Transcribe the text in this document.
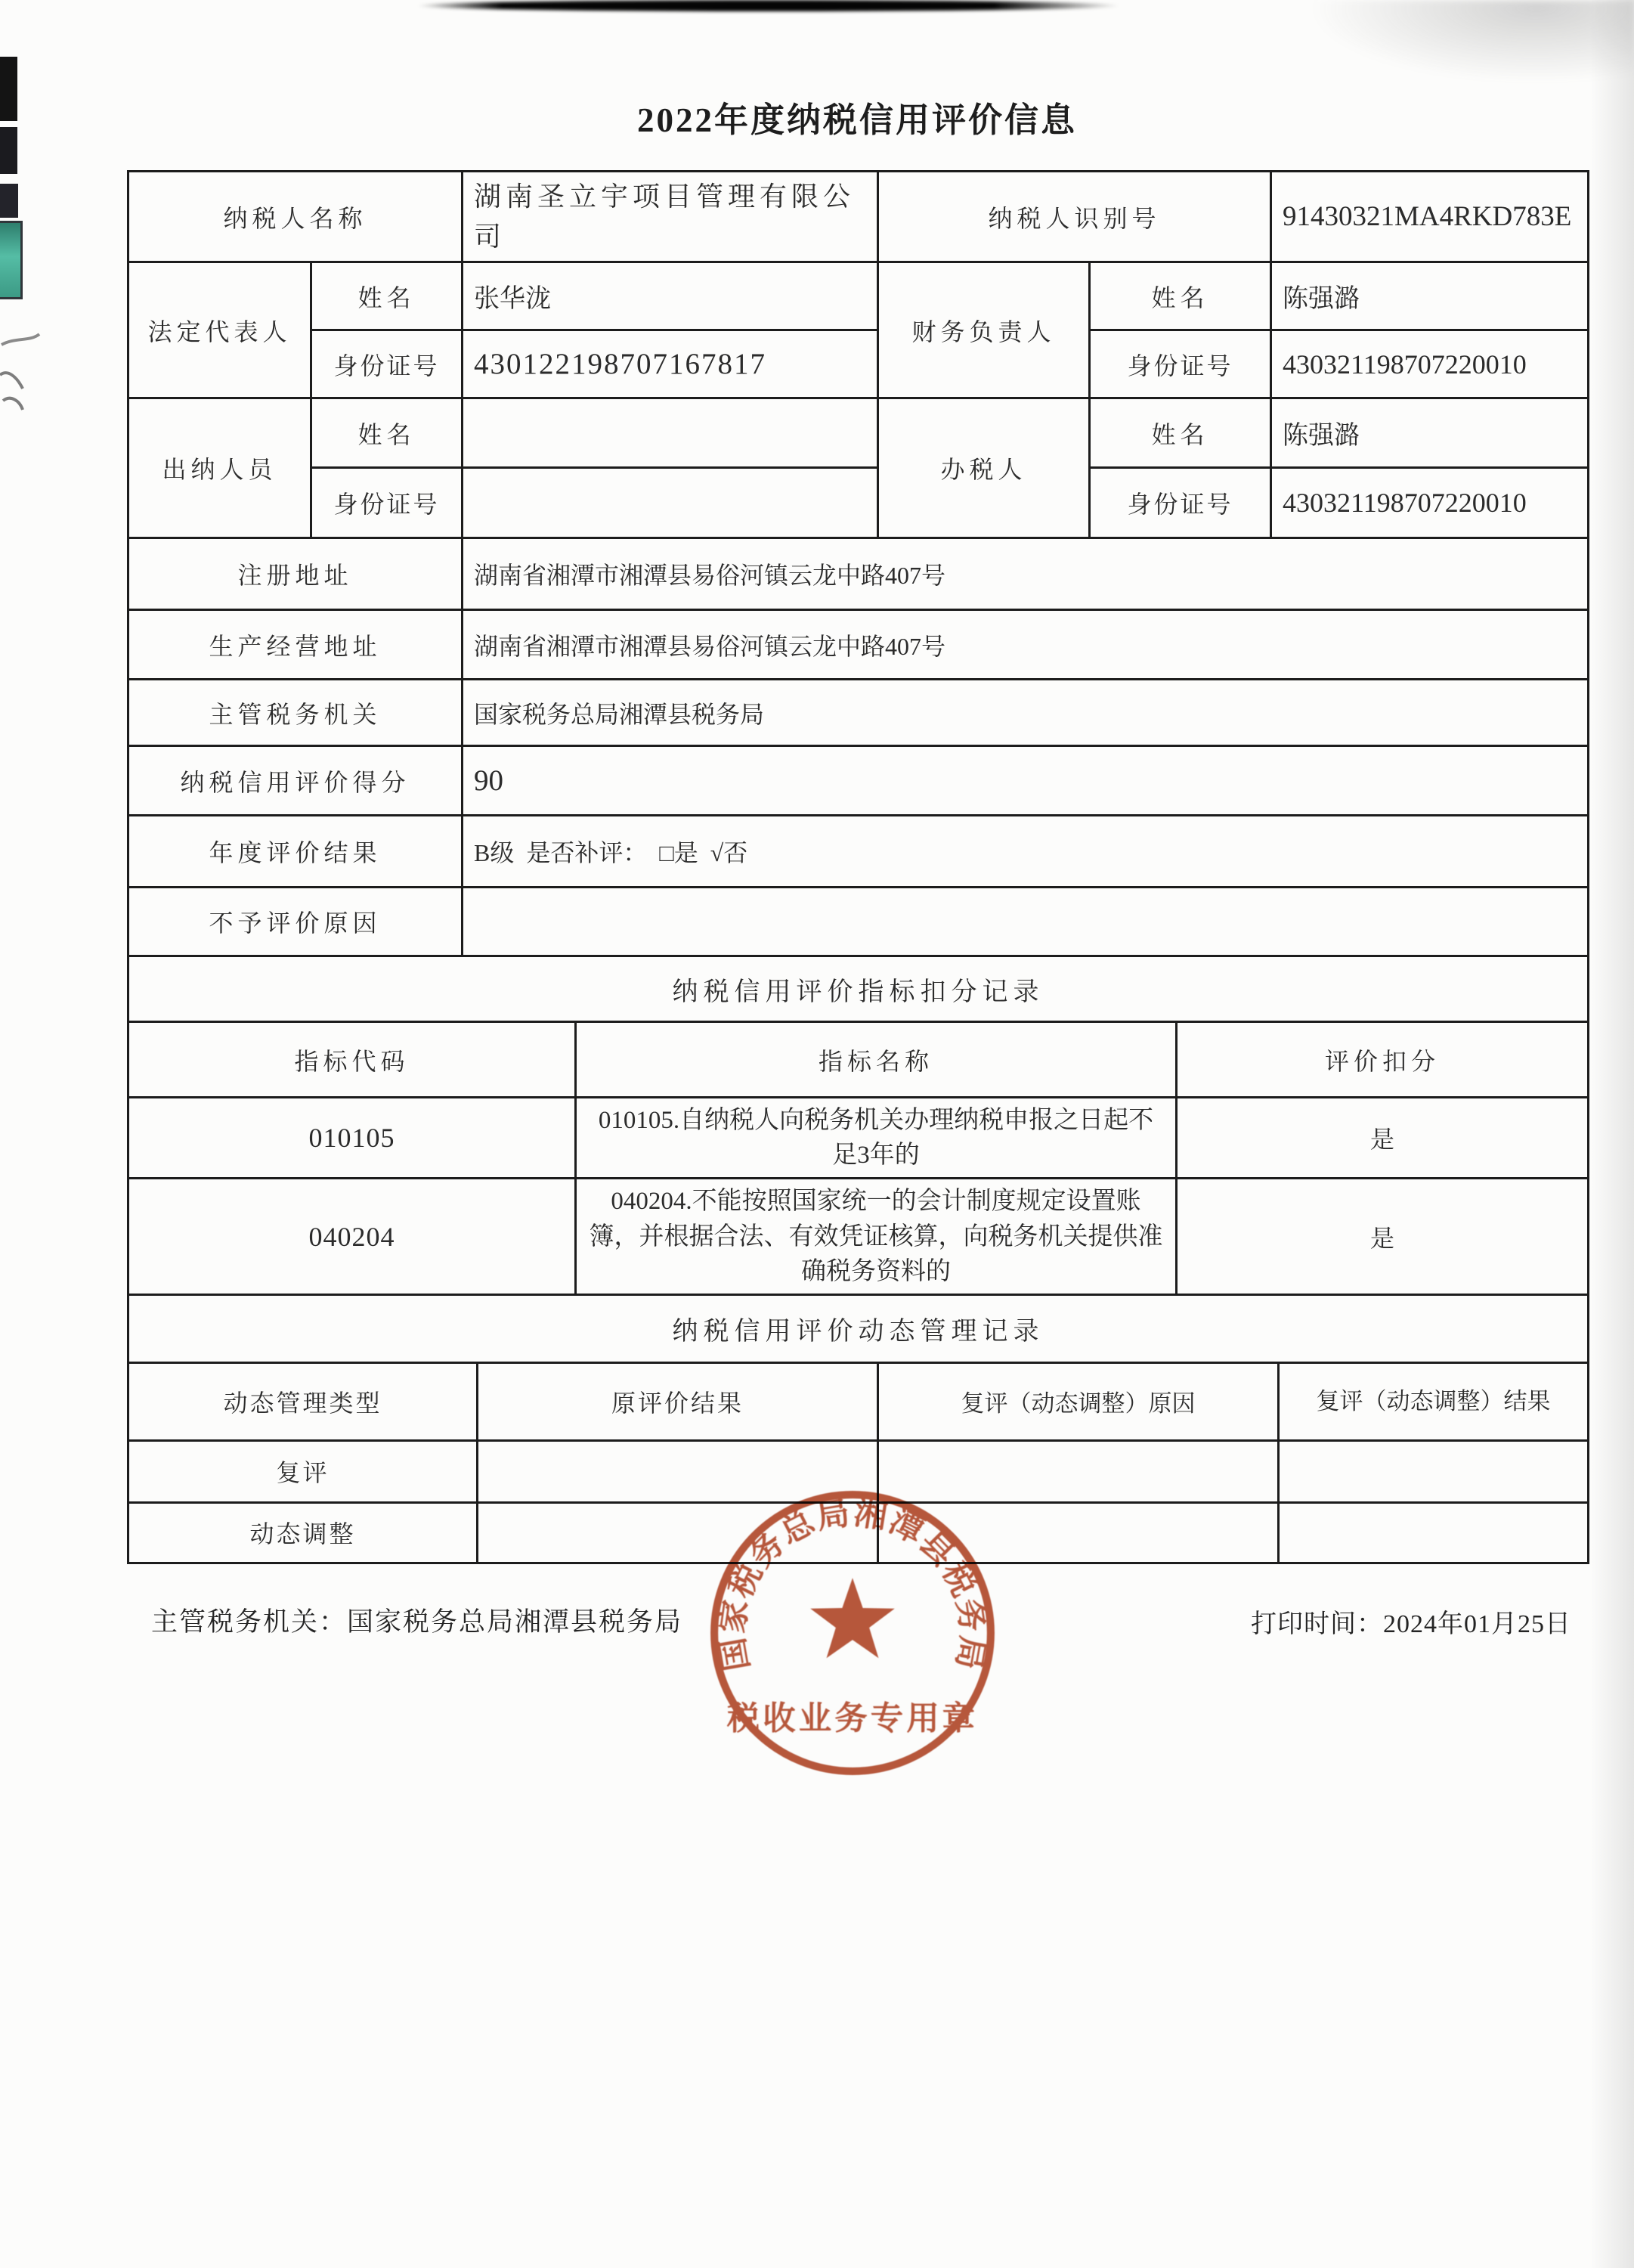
2022年度纳税信用评价信息
纳税人名称		湖南圣立宇项目管理有限公司	纳税人识别号		91430321MA4RKD783E
法定代表人	姓名	张华泷	财务负责人	姓名	陈强潞
	身份证号	430122198707167817		身份证号	430321198707220010
出纳人员	姓名		办税人	姓名	陈强潞
	身份证号			身份证号	430321198707220010
注册地址		湖南省湘潭市湘潭县易俗河镇云龙中路407号			
生产经营地址		湖南省湘潭市湘潭县易俗河镇云龙中路407号			
主管税务机关		国家税务总局湘潭县税务局			
纳税信用评价得分		90			
年度评价结果		B级  是否补评：  □是  √否			
不予评价原因					
纳税信用评价指标扣分记录					
指标代码	指标名称	评价扣分
010105	010105.自纳税人向税务机关办理纳税申报之日起不足3年的	是
040204	040204.不能按照国家统一的会计制度规定设置账簿，并根据合法、有效凭证核算，向税务机关提供准确税务资料的	是
纳税信用评价动态管理记录			
动态管理类型	原评价结果	复评（动态调整）原因	复评（动态调整）结果
复评			
动态调整			
主管税务机关：国家税务总局湘潭县税务局	打印时间：2024年01月25日
国家税务总局湘潭县税务局
税收业务专用章
